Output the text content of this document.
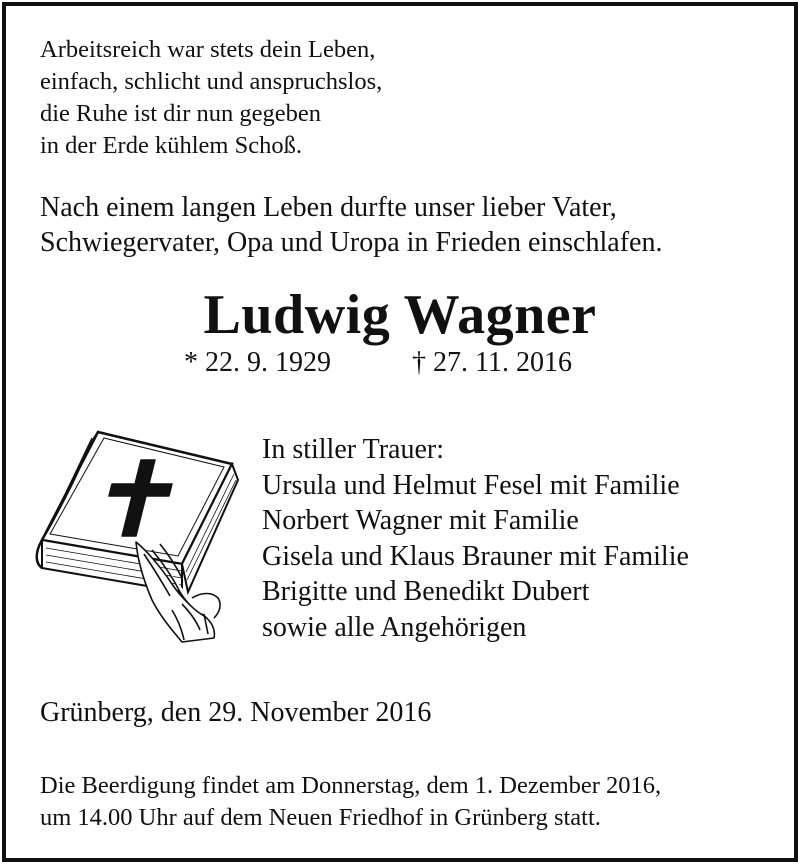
Arbeitsreich war stets dein Leben,
einfach, schlicht und anspruchslos,
die Ruhe ist dir nun gegeben
in der Erde kühlem Schoß.
Nach einem langen Leben durfte unser lieber Vater,
Schwiegervater, Opa und Uropa in Frieden einschlafen.
Ludwig Wagner
* 22. 9. 1929	† 27. 11. 2016
In stiller Trauer:
Ursula und Helmut Fesel mit Familie
Norbert Wagner mit Familie
Gisela und Klaus Brauner mit Familie
Brigitte und Benedikt Dubert
sowie alle Angehörigen
Grünberg, den 29. November 2016
Die Beerdigung findet am Donnerstag, dem 1. Dezember 2016,
um 14.00 Uhr auf dem Neuen Friedhof in Grünberg statt.
